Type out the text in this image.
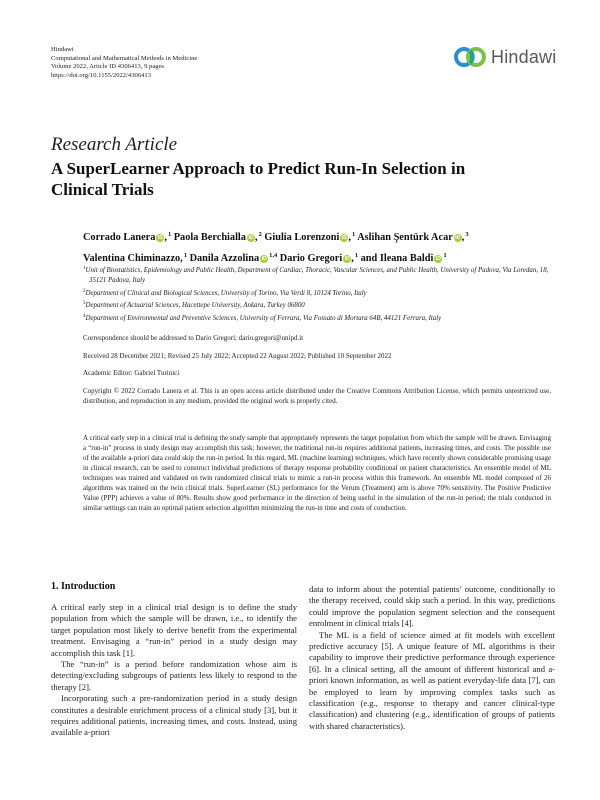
Hindawi
Computational and Mathematical Methods in Medicine
Volume 2022, Article ID 4306413, 9 pages
https://doi.org/10.1155/2022/4306413
Hindawi
Research Article
A SuperLearner Approach to Predict Run-In Selection in Clinical Trials
Corrado Lanera iD ,$^1$ Paola Berchialla iD ,$^2$ Giulia Lorenzoni iD ,$^1$ Aslihan Şentürk Acar iD ,$^3$ Valentina Chiminazzo,$^1$ Danila Azzolina iD $^{1,4}$ Dario Gregori iD ,$^1$ and Ileana Baldi iD $^1$
$^1$Unit of Biostatistics, Epidemiology and Public Health, Department of Cardiac, Thoracic, Vascular Sciences, and Public Health, University of Padova, Via Loredan, 18, 35121 Padova, Italy
$^2$Department of Clinical and Biological Sciences, University of Torino, Via Verdi 8, 10124 Torino, Italy
$^3$Department of Actuarial Sciences, Hacettepe University, Ankara, Turkey 06800
$^4$Department of Environmental and Preventive Sciences, University of Ferrara, Via Fossato di Mortara 64B, 44121 Ferrara, Italy
Correspondence should be addressed to Dario Gregori; dario.gregori@unipd.it
Received 28 December 2021; Revised 25 July 2022; Accepted 22 August 2022; Published 10 September 2022
Academic Editor: Gabriel Turinici
Copyright © 2022 Corrado Lanera et al. This is an open access article distributed under the Creative Commons Attribution License, which permits unrestricted use, distribution, and reproduction in any medium, provided the original work is properly cited.
A critical early step in a clinical trial is defining the study sample that appropriately represents the target population from which the sample will be drawn. Envisaging a “run-in” process in study design may accomplish this task; however, the traditional run-in requires additional patients, increasing times, and costs. The possible use of the available a-priori data could skip the run-in period. In this regard, ML (machine learning) techniques, which have recently shown considerable promising usage in clinical research, can be used to construct individual predictions of therapy response probability conditional on patient characteristics. An ensemble model of ML techniques was trained and validated on twin randomized clinical trials to mimic a run-in process within this framework. An ensemble ML model composed of 26 algorithms was trained on the twin clinical trials. SuperLearner (SL) performance for the Verum (Treatment) arm is above 70% sensitivity. The Positive Predictive Value (PPP) achieves a value of 80%. Results show good performance in the direction of being useful in the simulation of the run-in period; the trials conducted in similar settings can train an optimal patient selection algorithm minimizing the run-in time and costs of conduction.
1. Introduction

A critical early step in a clinical trial design is to define the study population from which the sample will be drawn, i.e., to identify the target population most likely to derive benefit from the experimental treatment. Envisaging a “run-in” period in a study design may accomplish this task [1].

The “run-in” is a period before randomization whose aim is detecting/excluding subgroups of patients less likely to respond to the therapy [2].

Incorporating such a pre-randomization period in a study design constitutes a desirable enrichment process of a clinical study [3], but it requires additional patients, increasing times, and costs. Instead, using available a-priori

data to inform about the potential patients’ outcome, conditionally to the therapy received, could skip such a period. In this way, predictions could improve the population segment selection and the consequent enrolment in clinical trials [4].

The ML is a field of science aimed at fit models with excellent predictive accuracy [5]. A unique feature of ML algorithms is their capability to improve their predictive performance through experience [6]. In a clinical setting, all the amount of different historical and a-priori known information, as well as patient everyday-life data [7], can be employed to learn by improving complex tasks such as classification (e.g., response to therapy and cancer clinical-type classification) and clustering (e.g., identification of groups of patients with shared characteristics).
